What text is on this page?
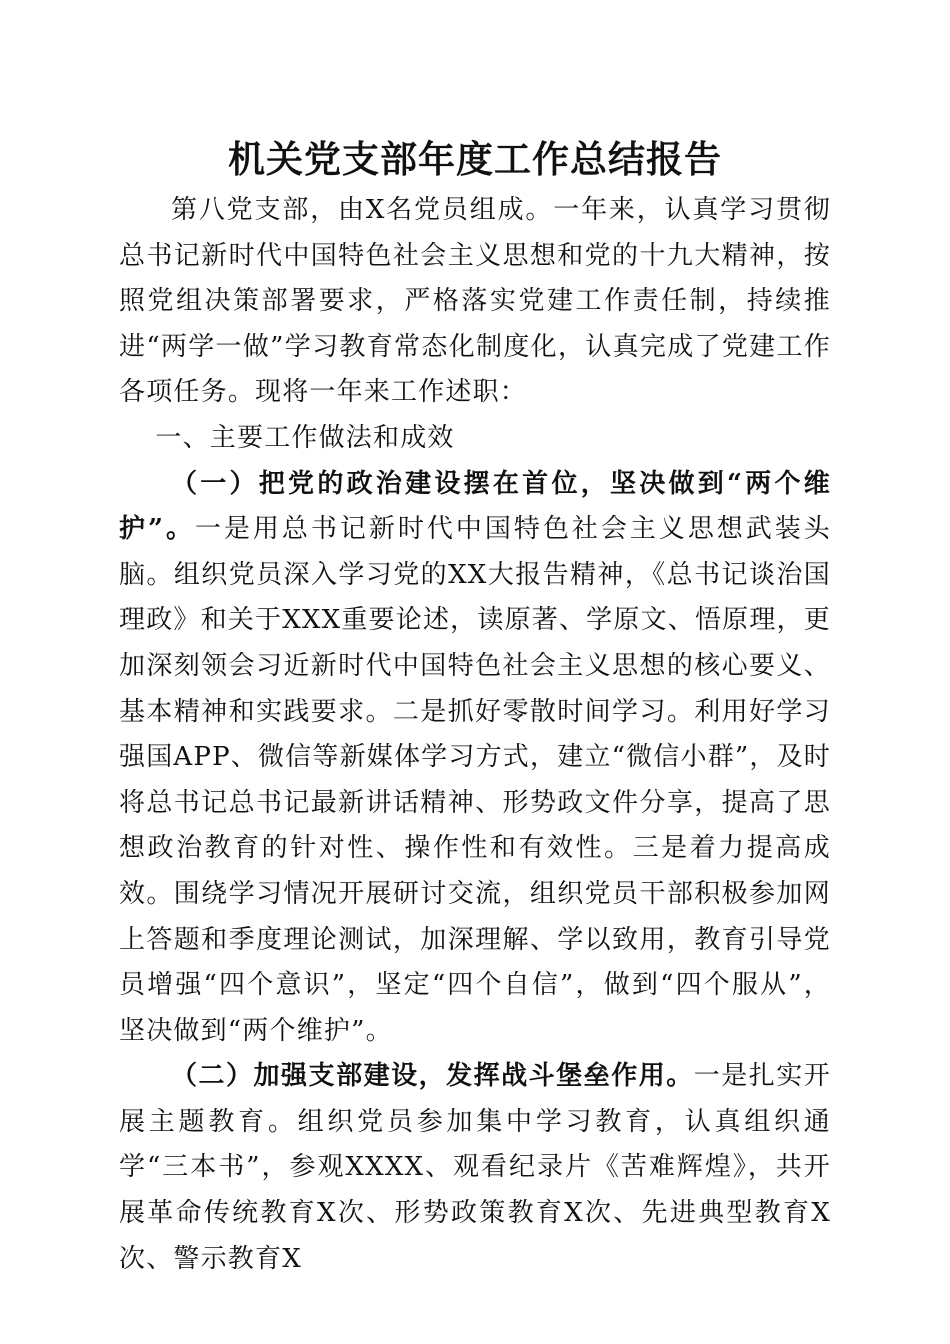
机关党支部年度工作总结报告

第八党支部，由X名党员组成。一年来，认真学习贯彻总书记新时代中国特色社会主义思想和党的十九大精神，按照党组决策部署要求，严格落实党建工作责任制，持续推进“两学一做”学习教育常态化制度化，认真完成了党建工作各项任务。现将一年来工作述职：

一、主要工作做法和成效

（一）把党的政治建设摆在首位，坚决做到“两个维护”。一是用总书记新时代中国特色社会主义思想武装头脑。组织党员深入学习党的XX大报告精神，《总书记谈治国理政》和关于XXX重要论述，读原著、学原文、悟原理，更加深刻领会习近新时代中国特色社会主义思想的核心要义、基本精神和实践要求。二是抓好零散时间学习。利用好学习强国APP、微信等新媒体学习方式，建立“微信小群”，及时将总书记总书记最新讲话精神、形势政文件分享，提高了思想政治教育的针对性、操作性和有效性。三是着力提高成效。围绕学习情况开展研讨交流，组织党员干部积极参加网上答题和季度理论测试，加深理解、学以致用，教育引导党员增强“四个意识”，坚定“四个自信”，做到“四个服从”，坚决做到“两个维护”。

（二）加强支部建设，发挥战斗堡垒作用。一是扎实开展主题教育。组织党员参加集中学习教育，认真组织通学“三本书”，参观XXXX、观看纪录片《苦难辉煌》，共开展革命传统教育X次、形势政策教育X次、先进典型教育X次、警示教育X
